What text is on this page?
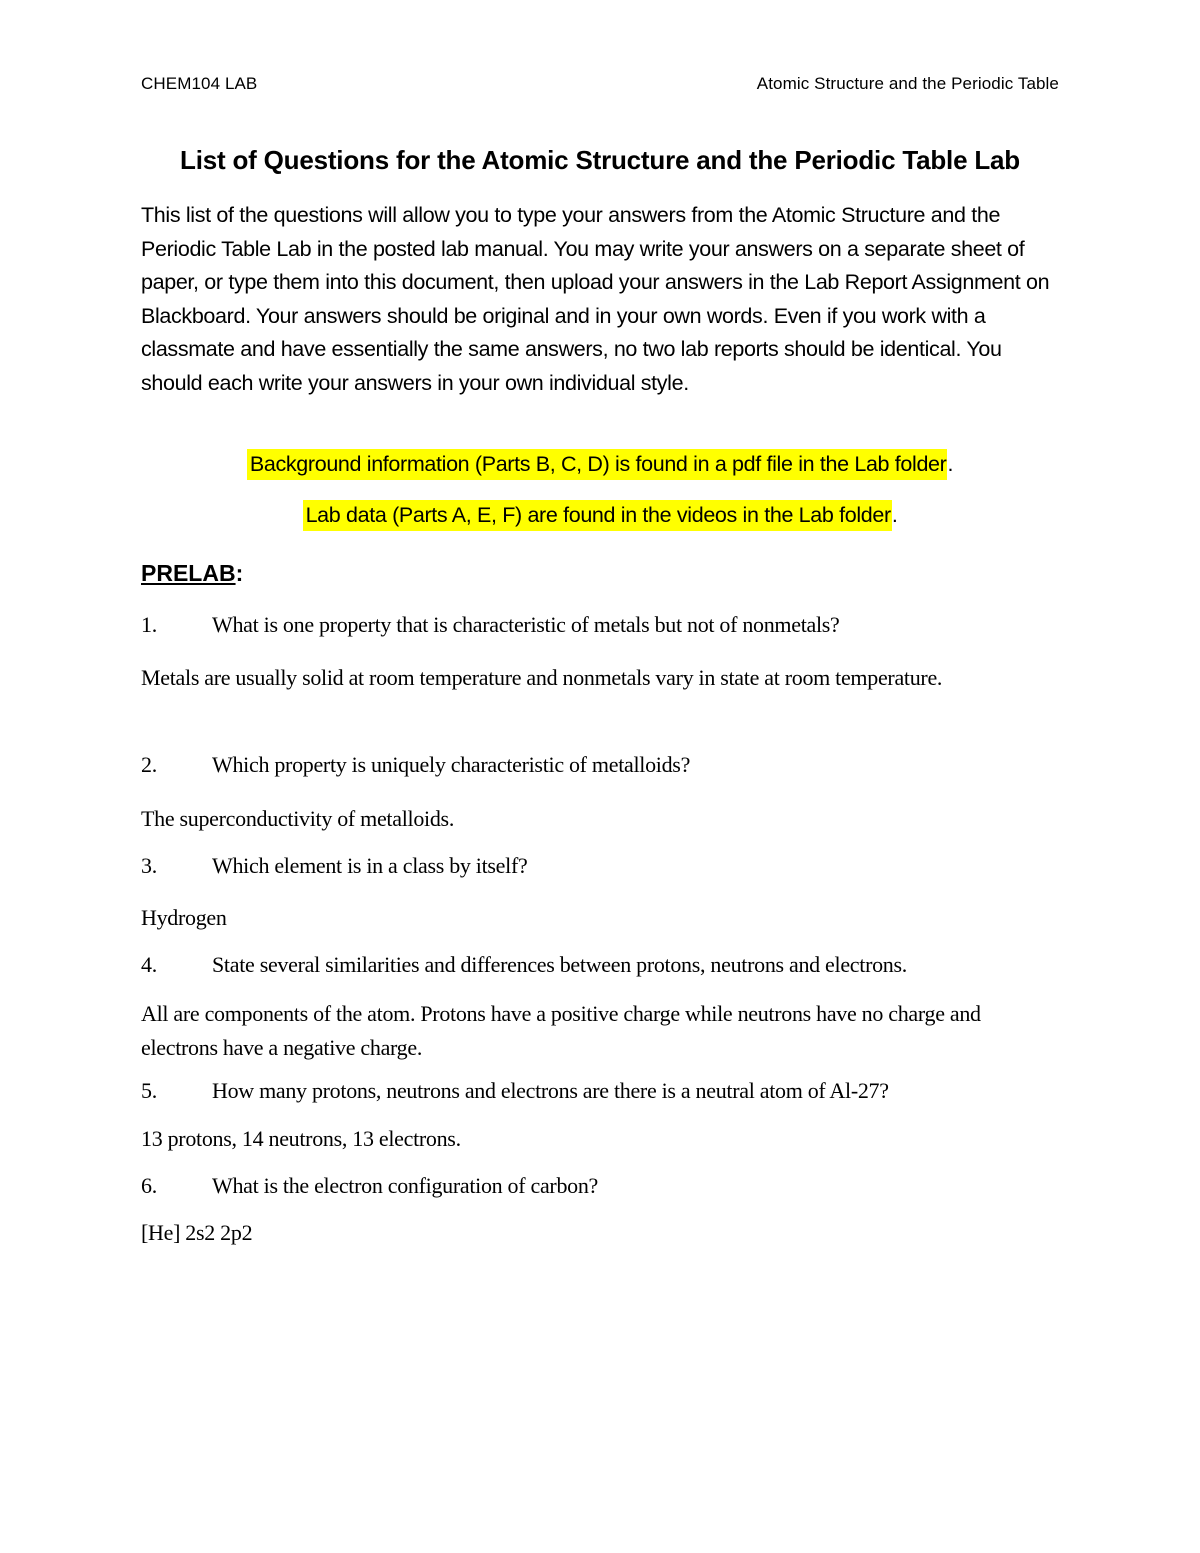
CHEM104 LAB	Atomic Structure and the Periodic Table
List of Questions for the Atomic Structure and the Periodic Table Lab

This list of the questions will allow you to type your answers from the Atomic Structure and the Periodic Table Lab in the posted lab manual. You may write your answers on a separate sheet of paper, or type them into this document, then upload your answers in the Lab Report Assignment on Blackboard. Your answers should be original and in your own words. Even if you work with a classmate and have essentially the same answers, no two lab reports should be identical. You should each write your answers in your own individual style.

Background information (Parts B, C, D) is found in a pdf file in the Lab folder.
Lab data (Parts A, E, F) are found in the videos in the Lab folder.
PRELAB:
1.	What is one property that is characteristic of metals but not of nonmetals?

Metals are usually solid at room temperature and nonmetals vary in state at room temperature.

2.	Which property is uniquely characteristic of metalloids?

The superconductivity of metalloids.

3.	Which element is in a class by itself?

Hydrogen

4.	State several similarities and differences between protons, neutrons and electrons.

All are components of the atom. Protons have a positive charge while neutrons have no charge and electrons have a negative charge.

5.	How many protons, neutrons and electrons are there is a neutral atom of Al-27?

13 protons, 14 neutrons, 13 electrons.

6.	What is the electron configuration of carbon?

[He] 2s2 2p2
